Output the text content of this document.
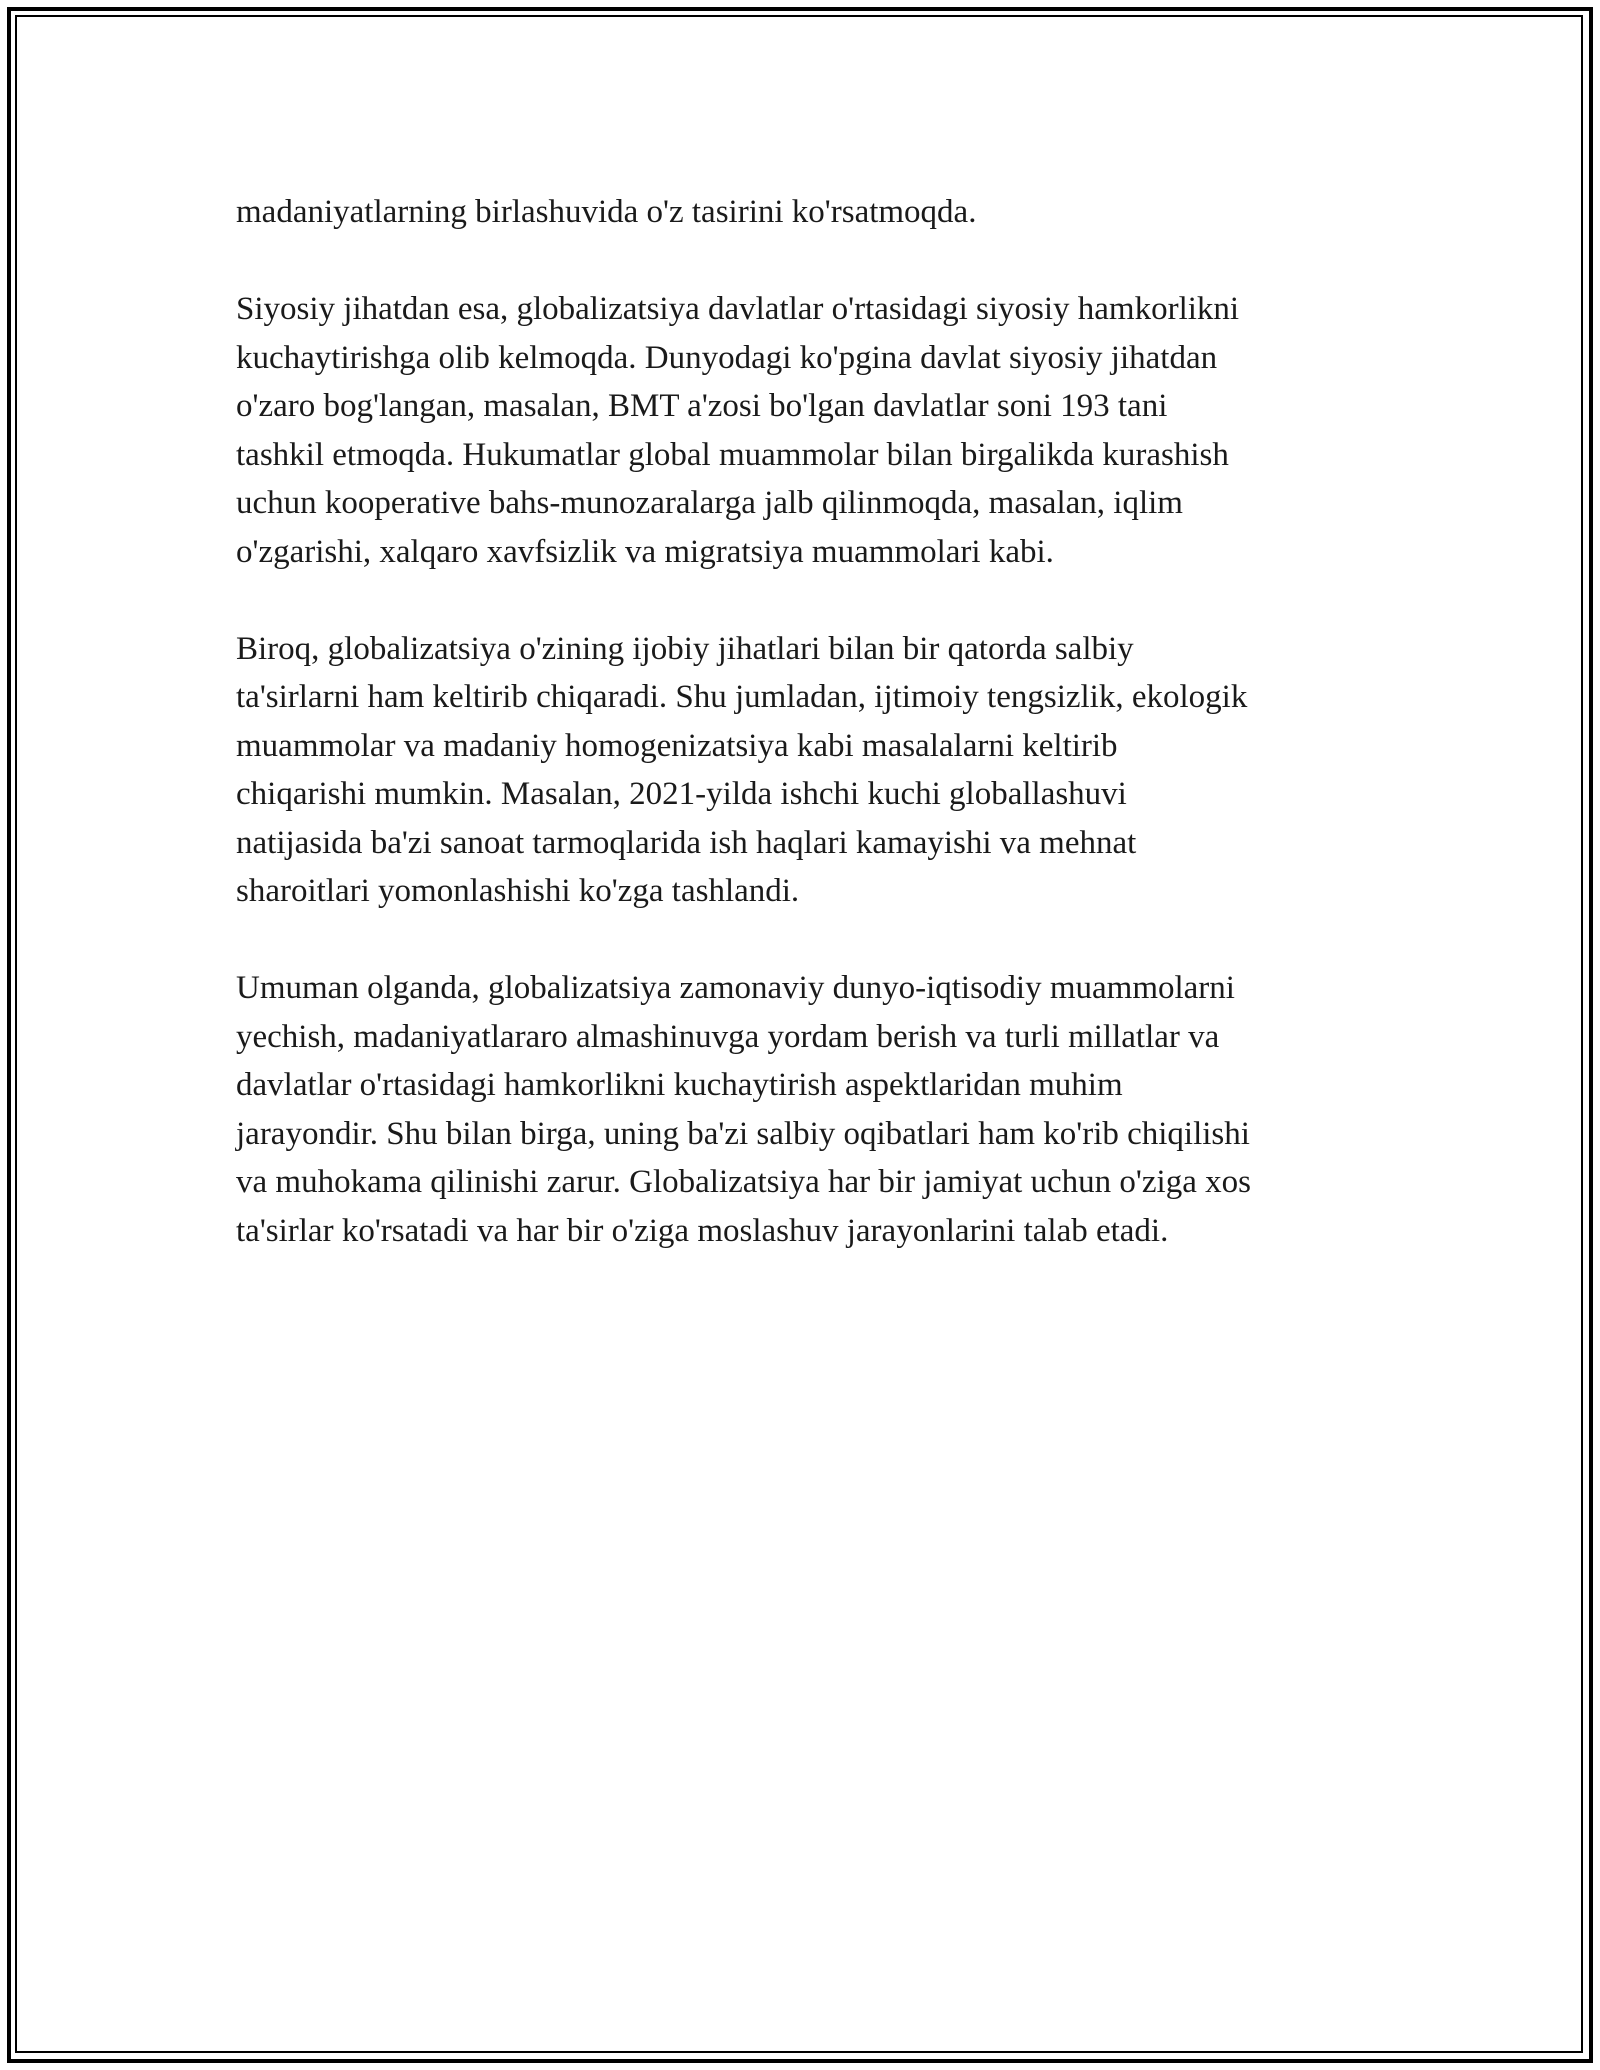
madaniyatlarning birlashuvida o'z tasirini ko'rsatmoqda.

Siyosiy jihatdan esa, globalizatsiya davlatlar o'rtasidagi siyosiy hamkorlikni
kuchaytirishga olib kelmoqda. Dunyodagi ko'pgina davlat siyosiy jihatdan
o'zaro bog'langan, masalan, BMT a'zosi bo'lgan davlatlar soni 193 tani
tashkil etmoqda. Hukumatlar global muammolar bilan birgalikda kurashish
uchun kooperative bahs-munozaralarga jalb qilinmoqda, masalan, iqlim
o'zgarishi, xalqaro xavfsizlik va migratsiya muammolari kabi.

Biroq, globalizatsiya o'zining ijobiy jihatlari bilan bir qatorda salbiy
ta'sirlarni ham keltirib chiqaradi. Shu jumladan, ijtimoiy tengsizlik, ekologik
muammolar va madaniy homogenizatsiya kabi masalalarni keltirib
chiqarishi mumkin. Masalan, 2021-yilda ishchi kuchi globallashuvi
natijasida ba'zi sanoat tarmoqlarida ish haqlari kamayishi va mehnat
sharoitlari yomonlashishi ko'zga tashlandi.

Umuman olganda, globalizatsiya zamonaviy dunyo-iqtisodiy muammolarni
yechish, madaniyatlararo almashinuvga yordam berish va turli millatlar va
davlatlar o'rtasidagi hamkorlikni kuchaytirish aspektlaridan muhim
jarayondir. Shu bilan birga, uning ba'zi salbiy oqibatlari ham ko'rib chiqilishi
va muhokama qilinishi zarur. Globalizatsiya har bir jamiyat uchun o'ziga xos
ta'sirlar ko'rsatadi va har bir o'ziga moslashuv jarayonlarini talab etadi.
